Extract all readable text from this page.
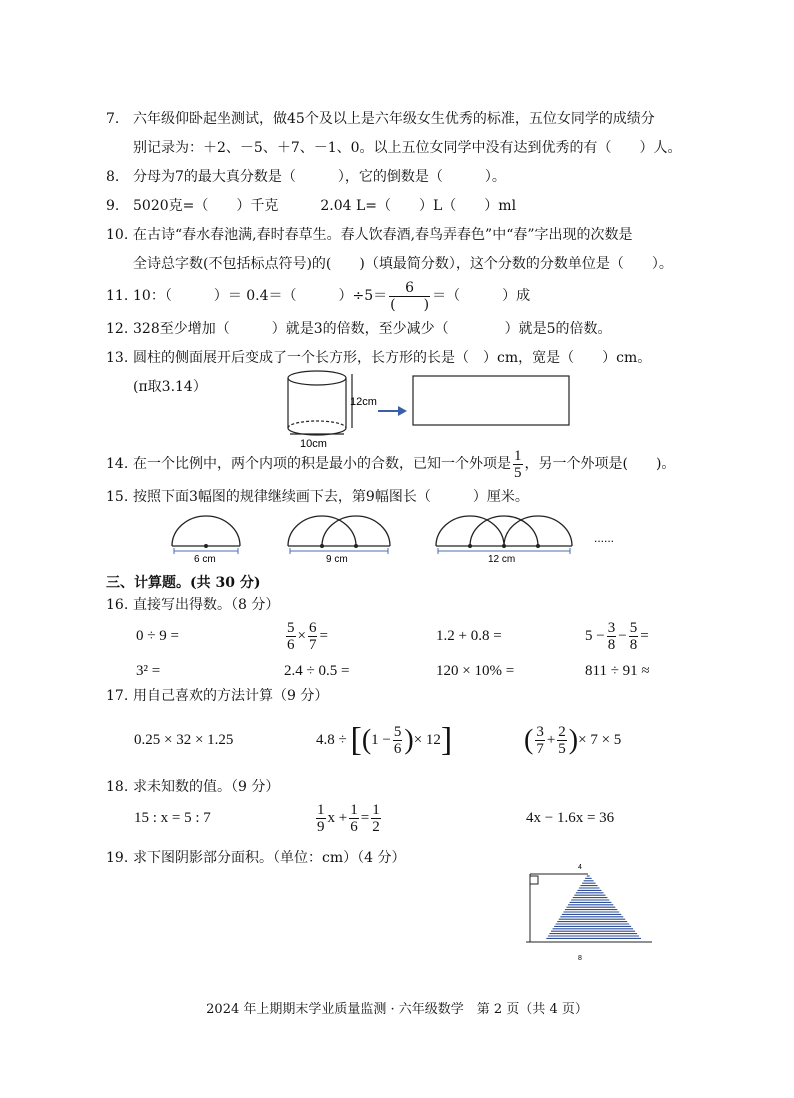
7. 六年级仰卧起坐测试，做45个及以上是六年级女生优秀的标准，五位女同学的成绩分
别记录为：＋2、－5、＋7、－1、0。以上五位女同学中没有达到优秀的有（　　）人。
8. 分母为7的最大真分数是（　　　），它的倒数是（　　　）。
9. 5020克=（　　）千克　　　2.04 L=（　　）L（　　）ml
10. 在古诗“春水春池满,春时春草生。春人饮春酒,春鸟弄春色”中“春”字出现的次数是
全诗总字数(不包括标点符号)的(　　)（填最简分数），这个分数的分数单位是（　　）。
11. 10：（　　　）＝ 0.4＝（　　　）$\div 5= \frac{6}{( )}$ ＝（　　　）成
12. 328至少增加（　　　）就是3的倍数，至少减少（　　　　）就是5的倍数。
13. 圆柱的侧面展开后变成了一个长方形，长方形的长是（　）cm，宽是（　　）cm。
(π取3.14）
12cm
10cm
14. 在一个比例中，两个内项的积是最小的合数，已知一个外项是 $\frac{1}{5}$ ，另一个外项是(　　)。
15. 按照下面3幅图的规律继续画下去，第9幅图长（　　　）厘米。
6 cm	9 cm	12 cm
......
三、计算题。(共 30 分)
16. 直接写出得数。（8 分）
0 ÷ 9 =	$\frac{5}{6} \times \frac{6}{7}$ =	1.2 + 0.8 =	$5 - \frac{3}{8} - \frac{5}{8}$ =
3² =	2.4 ÷ 0.5 =	120 × 10% =	811 ÷ 91 ≈
17. 用自己喜欢的方法计算（9 分）
0.25 × 32 × 1.25	$4.8 \div [(1 - \frac{5}{6}$ )× 12]	( $\frac{3}{7} + \frac{2}{5}$ )× 7 × 5
18. 求未知数的值。（9 分）
15 : x = 5 : 7	$\frac{1}{9}$ $x + \frac{1}{6} = \frac{1}{2}$	4x − 1.6x = 36
19. 求下图阴影部分面积。（单位：cm）（4 分）
4
8
2024 年上期期末学业质量监测 · 六年级数学　第 2 页（共 4 页）
